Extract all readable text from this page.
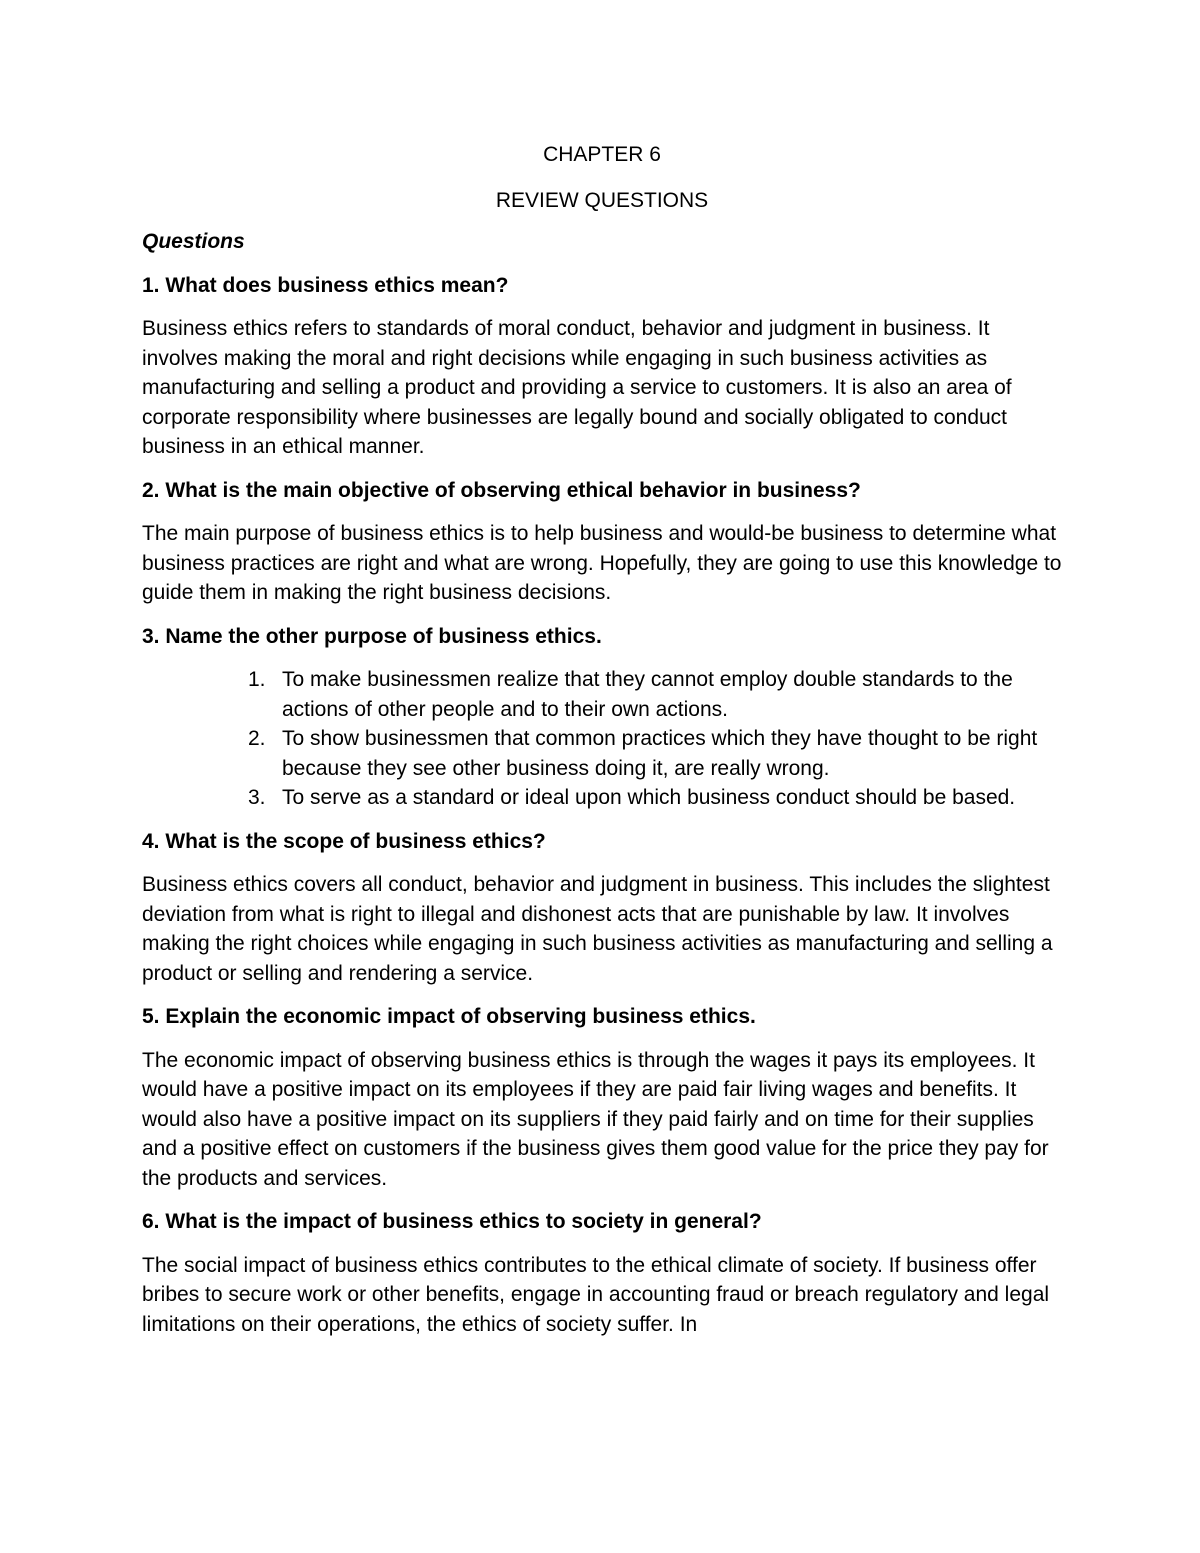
CHAPTER 6

REVIEW QUESTIONS

Questions

1. What does business ethics mean?

Business ethics refers to standards of moral conduct, behavior and judgment in business. It involves making the moral and right decisions while engaging in such business activities as manufacturing and selling a product and providing a service to customers. It is also an area of corporate responsibility where businesses are legally bound and socially obligated to conduct business in an ethical manner.

2. What is the main objective of observing ethical behavior in business?

The main purpose of business ethics is to help business and would-be business to determine what business practices are right and what are wrong. Hopefully, they are going to use this knowledge to guide them in making the right business decisions.

3. Name the other purpose of business ethics.

1. To make businessmen realize that they cannot employ double standards to the actions of other people and to their own actions.
2. To show businessmen that common practices which they have thought to be right because they see other business doing it, are really wrong.
3. To serve as a standard or ideal upon which business conduct should be based.

4. What is the scope of business ethics?

Business ethics covers all conduct, behavior and judgment in business. This includes the slightest deviation from what is right to illegal and dishonest acts that are punishable by law. It involves making the right choices while engaging in such business activities as manufacturing and selling a product or selling and rendering a service.

5. Explain the economic impact of observing business ethics.

The economic impact of observing business ethics is through the wages it pays its employees. It would have a positive impact on its employees if they are paid fair living wages and benefits. It would also have a positive impact on its suppliers if they paid fairly and on time for their supplies and a positive effect on customers if the business gives them good value for the price they pay for the products and services.

6. What is the impact of business ethics to society in general?

The social impact of business ethics contributes to the ethical climate of society. If business offer bribes to secure work or other benefits, engage in accounting fraud or breach regulatory and legal limitations on their operations, the ethics of society suffer. In
